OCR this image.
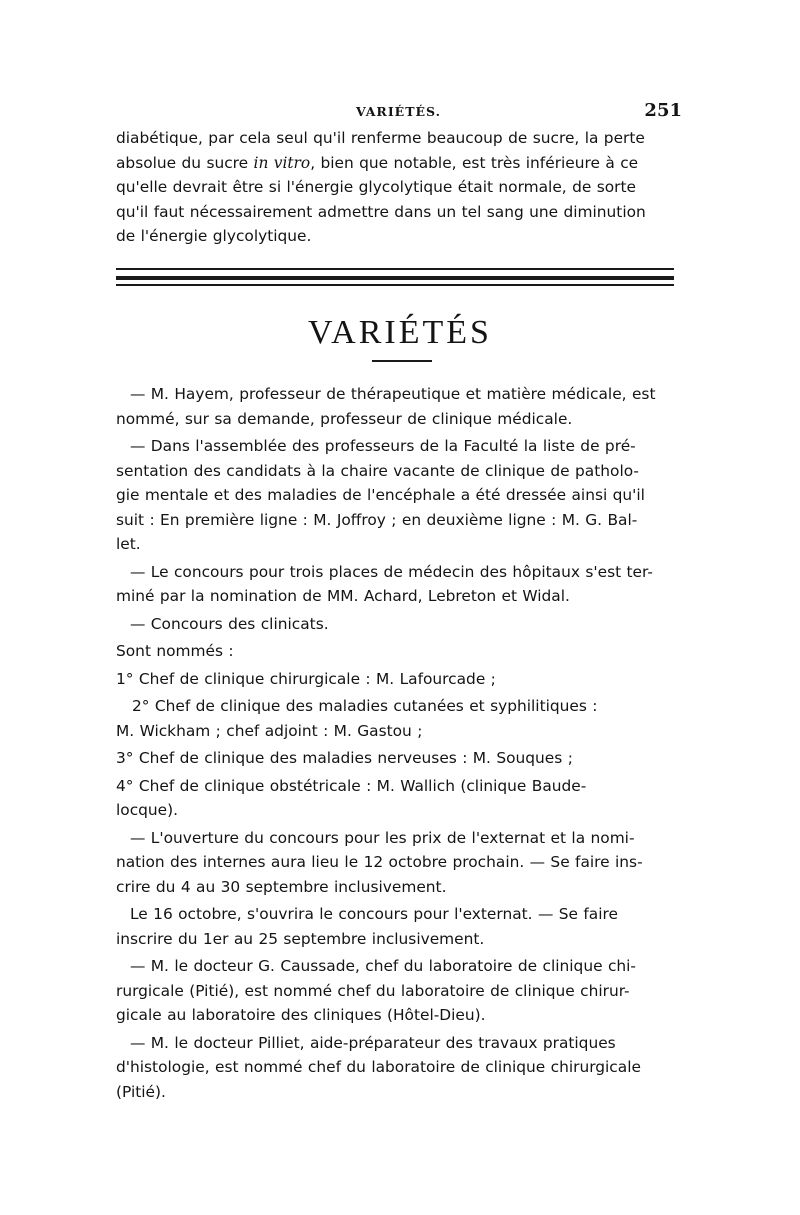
VARIÉTÉS.	251

diabétique, par cela seul qu'il renferme beaucoup de sucre, la perte

absolue du sucre in vitro, bien que notable, est très inférieure à ce

qu'elle devrait être si l'énergie glycolytique était normale, de sorte

qu'il faut nécessairement admettre dans un tel sang une diminution

de l'énergie glycolytique.

VARIÉTÉS

— M. Hayem, professeur de thérapeutique et matière médicale, est

nommé, sur sa demande, professeur de clinique médicale.

— Dans l'assemblée des professeurs de la Faculté la liste de pré-

sentation des candidats à la chaire vacante de clinique de patholo-

gie mentale et des maladies de l'encéphale a été dressée ainsi qu'il

suit : En première ligne : M. Joffroy ; en deuxième ligne : M. G. Bal-

let.

— Le concours pour trois places de médecin des hôpitaux s'est ter-

miné par la nomination de MM. Achard, Lebreton et Widal.

— Concours des clinicats.

Sont nommés :

1° Chef de clinique chirurgicale : M. Lafourcade ;

2° Chef de clinique des maladies cutanées et syphilitiques :

M. Wickham ; chef adjoint : M. Gastou ;

3° Chef de clinique des maladies nerveuses : M. Souques ;

4° Chef de clinique obstétricale : M. Wallich (clinique Baude-

locque).

— L'ouverture du concours pour les prix de l'externat et la nomi-

nation des internes aura lieu le 12 octobre prochain. — Se faire ins-

crire du 4 au 30 septembre inclusivement.

Le 16 octobre, s'ouvrira le concours pour l'externat. — Se faire

inscrire du 1er au 25 septembre inclusivement.

— M. le docteur G. Caussade, chef du laboratoire de clinique chi-

rurgicale (Pitié), est nommé chef du laboratoire de clinique chirur-

gicale au laboratoire des cliniques (Hôtel-Dieu).

— M. le docteur Pilliet, aide-préparateur des travaux pratiques

d'histologie, est nommé chef du laboratoire de clinique chirurgicale

(Pitié).
